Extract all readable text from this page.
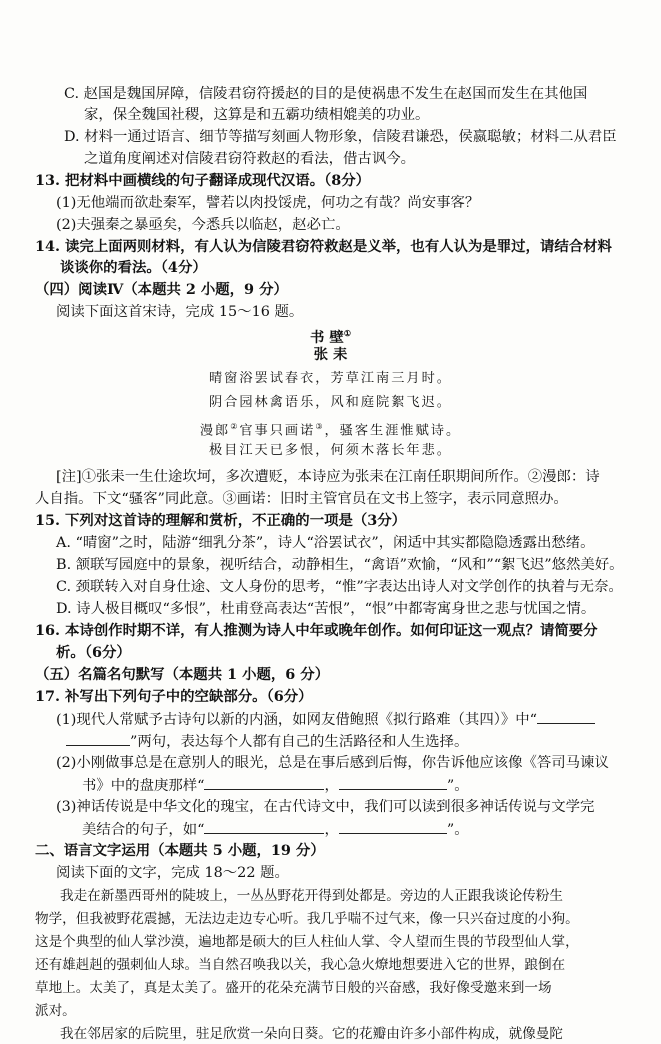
C. 赵国是魏国屏障，信陵君窃符援赵的目的是使祸患不发生在赵国而发生在其他国
家，保全魏国社稷，这算是和五霸功绩相媲美的功业。
D. 材料一通过语言、细节等描写刻画人物形象，信陵君谦恐，侯嬴聪敏；材料二从君臣
之道角度阐述对信陵君窃符救赵的看法，借古讽今。
13. 把材料中画横线的句子翻译成现代汉语。（8分）
(1)无他端而欲赴秦军，譬若以肉投馁虎，何功之有哉？尚安事客？
(2)夫强秦之暴亟矣，今悉兵以临赵，赵必亡。
14. 读完上面两则材料，有人认为信陵君窃符救赵是义举，也有人认为是罪过，请结合材料
谈谈你的看法。（4分）
（四）阅读Ⅳ（本题共 2 小题，9 分）
阅读下面这首宋诗，完成 15～16 题。
书 壁①
张 耒
晴窗浴罢试春衣，芳草江南三月时。
阴合园林禽语乐，风和庭院絮飞迟。
漫郎②官事只画诺③，骚客生涯惟赋诗。
极目江天已多恨，何须木落长年悲。
[注]①张耒一生仕途坎坷，多次遭贬，本诗应为张耒在江南任职期间所作。②漫郎：诗
人自指。下文“骚客”同此意。③画诺：旧时主管官员在文书上签字，表示同意照办。
15. 下列对这首诗的理解和赏析，不正确的一项是（3分）
A. “晴窗”之时，陆游“细乳分茶”，诗人“浴罢试衣”，闲适中其实都隐隐透露出愁绪。
B. 颔联写园庭中的景象，视听结合，动静相生，“禽语”欢愉，“风和”“絮飞迟”悠然美好。
C. 颈联转入对自身仕途、文人身份的思考，“惟”字表达出诗人对文学创作的执着与无奈。
D. 诗人极目概叹“多恨”，杜甫登高表达“苦恨”，“恨”中都寄寓身世之悲与忧国之情。
16. 本诗创作时期不详，有人推测为诗人中年或晚年创作。如何印证这一观点？请简要分
析。（6分）
（五）名篇名句默写（本题共 1 小题，6 分）
17. 补写出下列句子中的空缺部分。（6分）
(1)现代人常赋予古诗句以新的内涵，如网友借鲍照《拟行路难（其四）》中“
”两句，表达每个人都有自己的生活路径和人生选择。
(2)小刚做事总是在意别人的眼光，总是在事后感到后悔，你告诉他应该像《答司马谏议
书》中的盘庚那样“	，	”。
(3)神话传说是中华文化的瑰宝，在古代诗文中，我们可以读到很多神话传说与文学完
美结合的句子，如“	，	”。
二、语言文字运用（本题共 5 小题，19 分）
阅读下面的文字，完成 18～22 题。
我走在新墨西哥州的陡坡上，一丛丛野花开得到处都是。旁边的人正跟我谈论传粉生
物学，但我被野花震撼，无法边走边专心听。我几乎喘不过气来，像一只兴奋过度的小狗。
这是个典型的仙人掌沙漠，遍地都是硕大的巨人柱仙人掌、令人望而生畏的节段型仙人掌，
还有雄赳赳的强刺仙人球。当自然召唤我以关，我心急火燎地想要进入它的世界，踉倒在
草地上。太美了，真是太美了。盛开的花朵充满节日般的兴奋感，我好像受邀来到一场
派对。
我在邻居家的后院里，驻足欣赏一朵向日葵。它的花瓣由许多小部件构成，就像曼陀
